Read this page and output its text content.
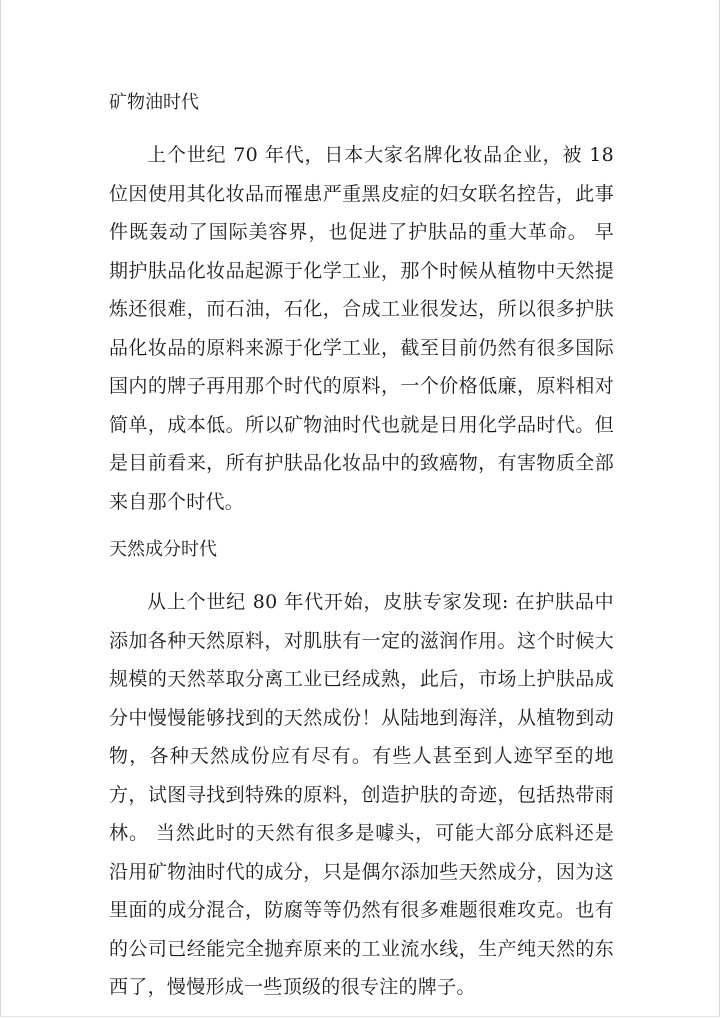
矿物油时代

上个世纪 70 年代，日本大家名牌化妆品企业，被 18 位因使用其化妆品而罹患严重黑皮症的妇女联名控告，此事件既轰动了国际美容界，也促进了护肤品的重大革命。 早期护肤品化妆品起源于化学工业，那个时候从植物中天然提炼还很难，而石油，石化，合成工业很发达，所以很多护肤品化妆品的原料来源于化学工业，截至目前仍然有很多国际国内的牌子再用那个时代的原料，一个价格低廉，原料相对简单，成本低。所以矿物油时代也就是日用化学品时代。但是目前看来，所有护肤品化妆品中的致癌物，有害物质全部来自那个时代。

天然成分时代

从上个世纪 80 年代开始，皮肤专家发现: 在护肤品中添加各种天然原料，对肌肤有一定的滋润作用。这个时候大规模的天然萃取分离工业已经成熟，此后，市场上护肤品成分中慢慢能够找到的天然成份！从陆地到海洋，从植物到动物，各种天然成份应有尽有。有些人甚至到人迹罕至的地方，试图寻找到特殊的原料，创造护肤的奇迹，包括热带雨林。 当然此时的天然有很多是噱头，可能大部分底料还是沿用矿物油时代的成分，只是偶尔添加些天然成分，因为这里面的成分混合，防腐等等仍然有很多难题很难攻克。也有的公司已经能完全抛弃原来的工业流水线，生产纯天然的东西了，慢慢形成一些顶级的很专注的牌子。
